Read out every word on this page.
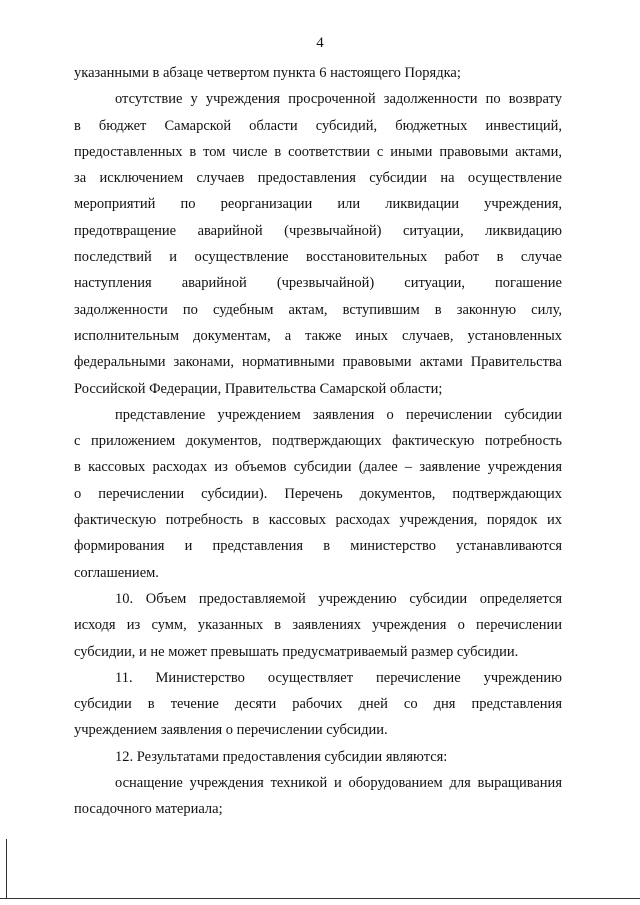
4
указанными в абзаце четвертом пункта 6 настоящего Порядка;
отсутствие у учреждения просроченной задолженности по возврату
в бюджет Самарской области субсидий, бюджетных инвестиций,
предоставленных в том числе в соответствии с иными правовыми актами,
за исключением случаев предоставления субсидии на осуществление
мероприятий по реорганизации или ликвидации учреждения,
предотвращение аварийной (чрезвычайной) ситуации, ликвидацию
последствий и осуществление восстановительных работ в случае
наступления аварийной (чрезвычайной) ситуации, погашение
задолженности по судебным актам, вступившим в законную силу,
исполнительным документам, а также иных случаев, установленных
федеральными законами, нормативными правовыми актами Правительства
Российской Федерации, Правительства Самарской области;
представление учреждением заявления о перечислении субсидии
с приложением документов, подтверждающих фактическую потребность
в кассовых расходах из объемов субсидии (далее – заявление учреждения
о перечислении субсидии). Перечень документов, подтверждающих
фактическую потребность в кассовых расходах учреждения, порядок их
формирования и представления в министерство устанавливаются
соглашением.
10. Объем предоставляемой учреждению субсидии определяется
исходя из сумм, указанных в заявлениях учреждения о перечислении
субсидии, и не может превышать предусматриваемый размер субсидии.
11. Министерство осуществляет перечисление учреждению
субсидии в течение десяти рабочих дней со дня представления
учреждением заявления о перечислении субсидии.
12. Результатами предоставления субсидии являются:
оснащение учреждения техникой и оборудованием для выращивания
посадочного материала;
